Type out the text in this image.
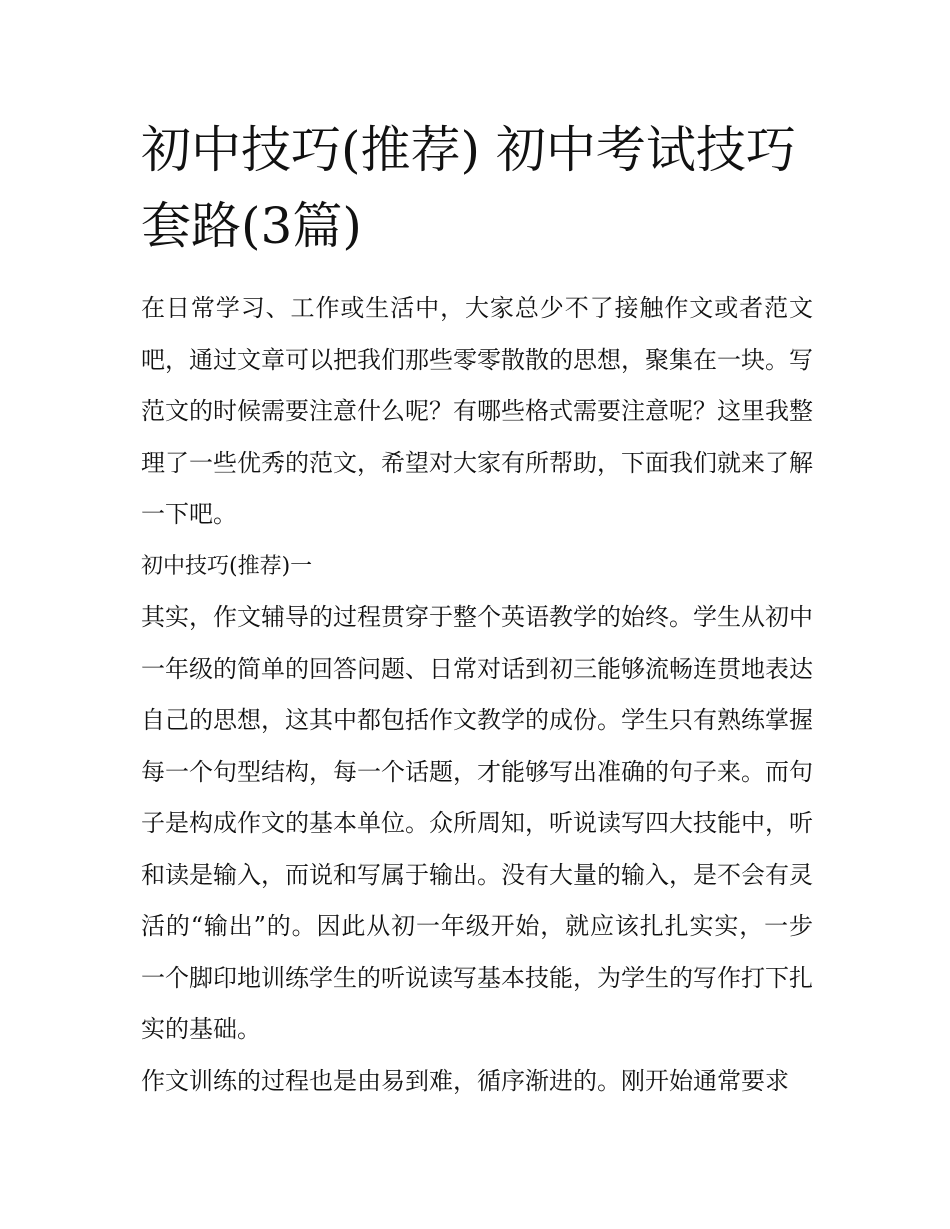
初中技巧(推荐) 初中考试技巧套路(3篇)

在日常学习、工作或生活中，大家总少不了接触作文或者范文吧，通过文章可以把我们那些零零散散的思想，聚集在一块。写范文的时候需要注意什么呢？有哪些格式需要注意呢？这里我整理了一些优秀的范文，希望对大家有所帮助，下面我们就来了解一下吧。

初中技巧(推荐)一

其实，作文辅导的过程贯穿于整个英语教学的始终。学生从初中一年级的简单的回答问题、日常对话到初三能够流畅连贯地表达自己的思想，这其中都包括作文教学的成份。学生只有熟练掌握每一个句型结构，每一个话题，才能够写出准确的句子来。而句子是构成作文的基本单位。众所周知，听说读写四大技能中，听和读是输入，而说和写属于输出。没有大量的输入，是不会有灵活的“输出”的。因此从初一年级开始，就应该扎扎实实，一步一个脚印地训练学生的听说读写基本技能，为学生的写作打下扎实的基础。

作文训练的过程也是由易到难，循序渐进的。刚开始通常要求
